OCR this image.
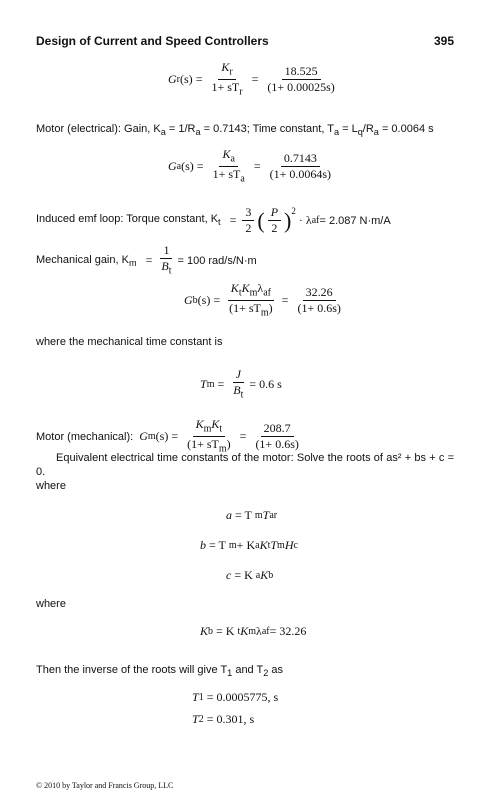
Design of Current and Speed Controllers	395
G r $(s) = \frac{K_r}{1+ sT_r} = \frac{18.525}{(1+ 0.00025s)}$
Motor (electrical): Gain, $K_a = 1/R_a = 0.7143$; Time constant, $T_a = L_q/R_a = 0.0064$ s
G a $(s) = \frac{K_a}{1+ sT_a} = \frac{0.7143}{(1+ 0.0064s)}$
Induced emf loop: Torque constant, $K_t = \frac{3}{2}$ ( $\frac{P}{2} )^2$
· λ af = 2.087 N·m/A
Mechanical gain, $K_m = \frac{1}{B_t} = 100$ rad/s/N·m
G b $(s) = \frac{K_tK_m\lambda_{af}}{(1+ sT_m)} = \frac{32.26}{(1+ 0.6s)}$
where the mechanical time constant is
T $m = \frac{J}{B_t} = 0.6$ s
Motor (mechanical): G m $(s) = \frac{K_mK_t}{(1+ sT_m)} = \frac{208.7}{(1+ 0.6s)}$
Equivalent electrical time constants of the motor: Solve the roots of as² + bs + c = 0.
where
a = T m T ar
b = T m + K a K t T m H c
c = K a K b
where
K b = K t K m λ af = 32.26
Then the inverse of the roots will give $T_1$ and $T_2$ as
T 1 = 0.0005775, s
T 2 = 0.301, s
© 2010 by Taylor and Francis Group, LLC
